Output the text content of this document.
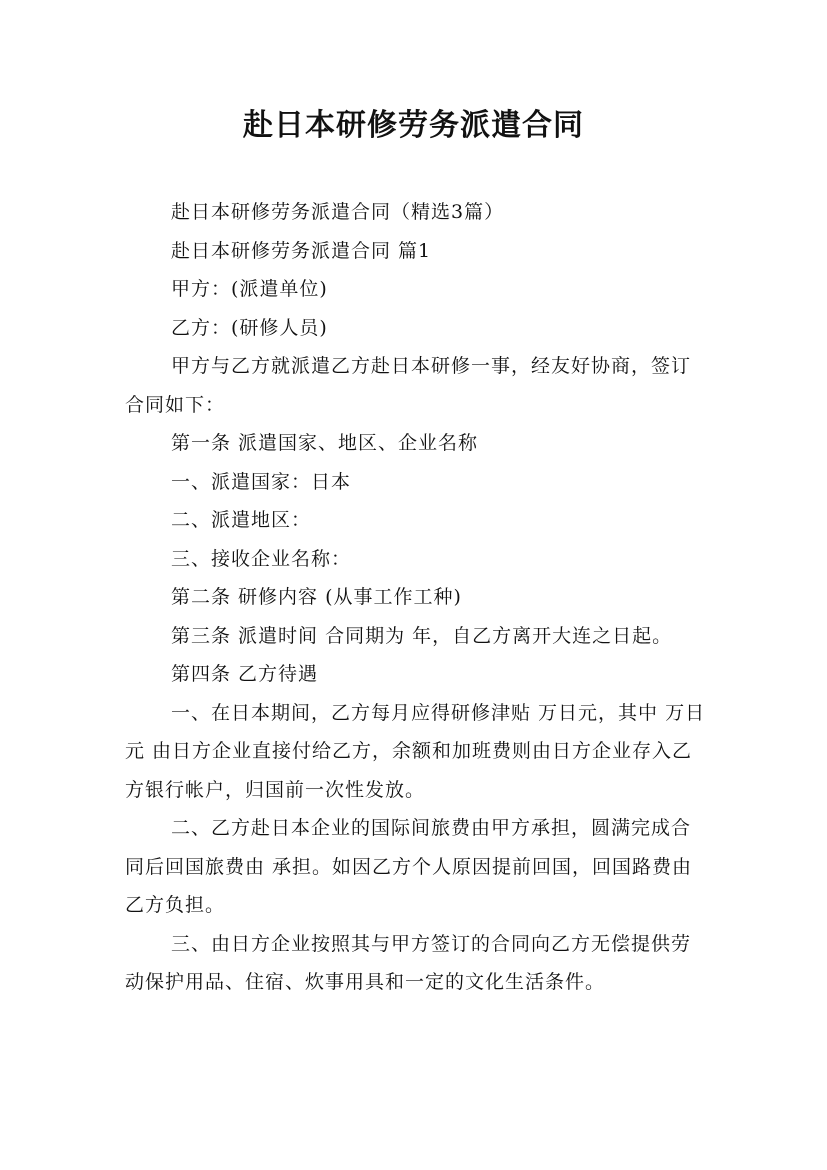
赴日本研修劳务派遣合同

赴日本研修劳务派遣合同（精选3篇）

赴日本研修劳务派遣合同 篇1

甲方：(派遣单位)

乙方：(研修人员)

甲方与乙方就派遣乙方赴日本研修一事，经友好协商，签订合同如下：

第一条 派遣国家、地区、企业名称

一、派遣国家：日本

二、派遣地区：

三、接收企业名称：

第二条 研修内容 (从事工作工种)

第三条 派遣时间 合同期为 年，自乙方离开大连之日起。

第四条 乙方待遇

一、在日本期间，乙方每月应得研修津贴 万日元，其中 万日元 由日方企业直接付给乙方，余额和加班费则由日方企业存入乙方银行帐户，归国前一次性发放。

二、乙方赴日本企业的国际间旅费由甲方承担，圆满完成合同后回国旅费由 承担。如因乙方个人原因提前回国，回国路费由乙方负担。

三、由日方企业按照其与甲方签订的合同向乙方无偿提供劳动保护用品、住宿、炊事用具和一定的文化生活条件。
